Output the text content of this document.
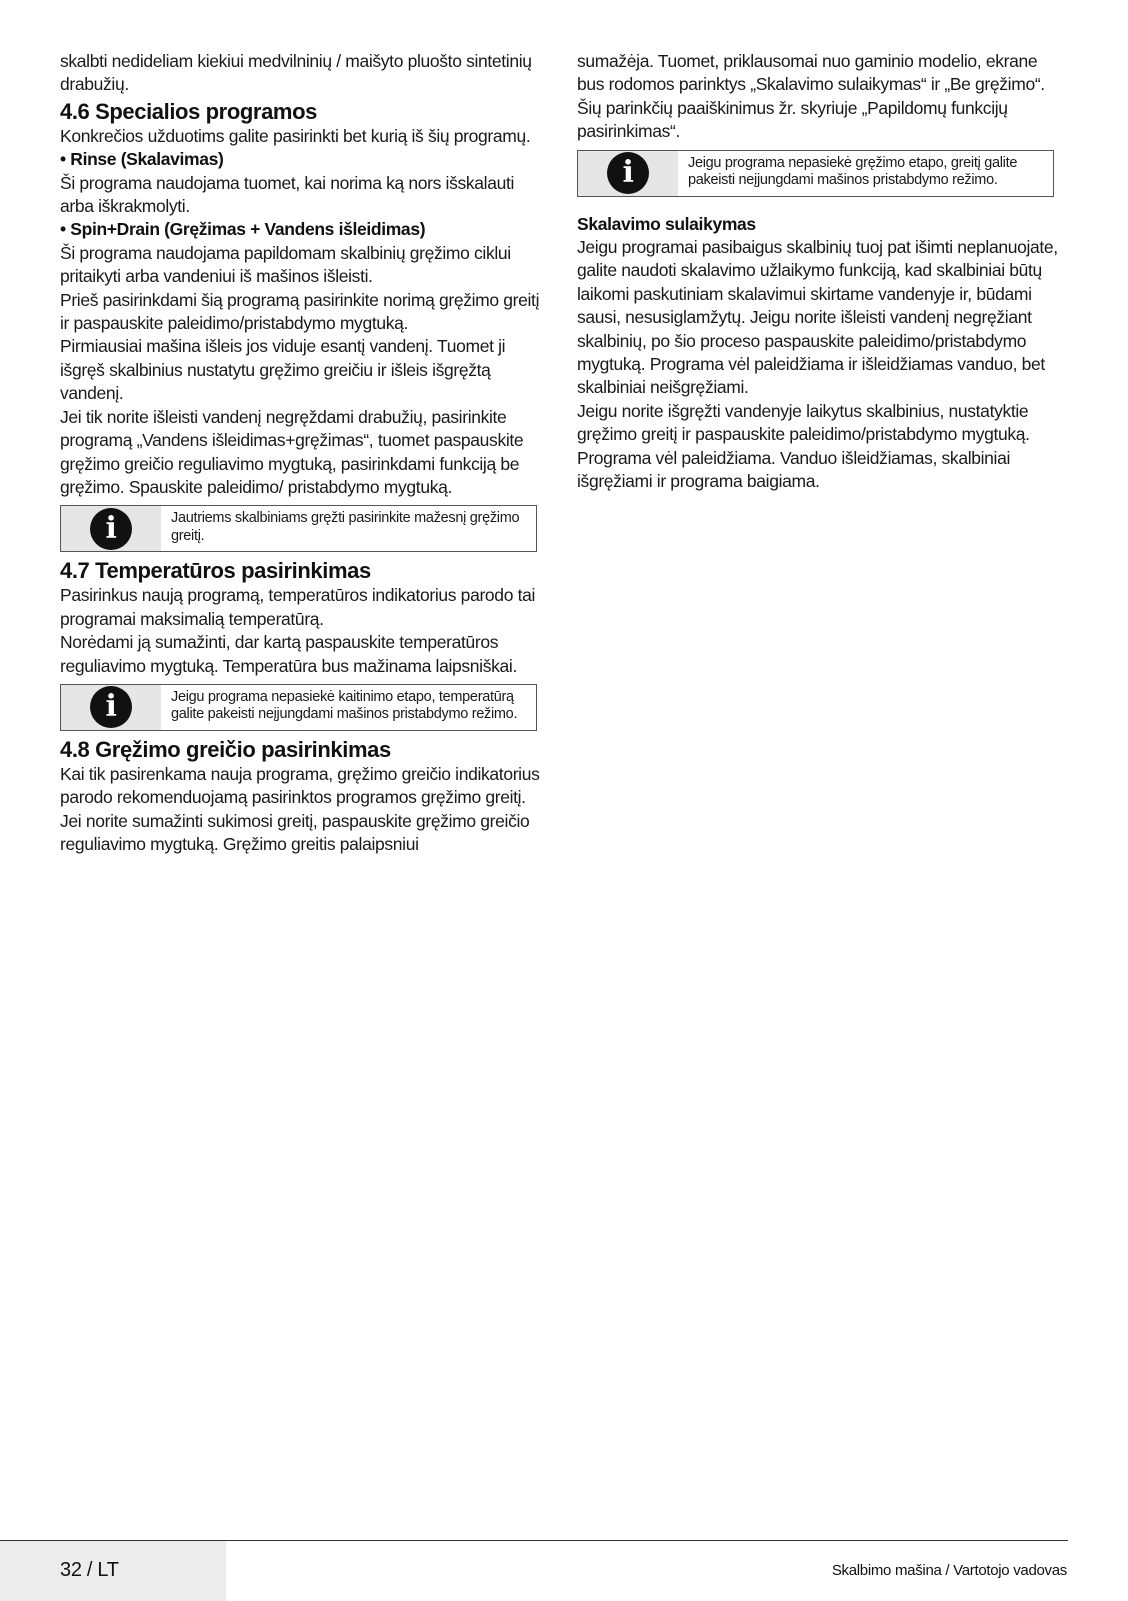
skalbti nedideliam kiekiui medvilninių / maišyto pluošto sintetinių drabužių.

4.6 Specialios programos

Konkrečios užduotims galite pasirinkti bet kurią iš šių programų.

• Rinse (Skalavimas)

Ši programa naudojama tuomet, kai norima ką nors išskalauti arba iškrakmolyti.

• Spin+Drain (Gręžimas + Vandens išleidimas)

Ši programa naudojama papildomam skalbinių gręžimo ciklui pritaikyti arba vandeniui iš mašinos išleisti.

Prieš pasirinkdami šią programą pasirinkite norimą gręžimo greitį ir paspauskite paleidimo/pristabdymo mygtuką.

Pirmiausiai mašina išleis jos viduje esantį vandenį. Tuomet ji išgręš skalbinius nustatytu gręžimo greičiu ir išleis išgręžtą vandenį.

Jei tik norite išleisti vandenį negręždami drabužių, pasirinkite programą „Vandens išleidimas+gręžimas“, tuomet paspauskite gręžimo greičio reguliavimo mygtuką, pasirinkdami funkciją be gręžimo. Spauskite paleidimo/ pristabdymo mygtuką.

i	Jautriems skalbiniams gręžti pasirinkite mažesnį gręžimo greitį.
4.7 Temperatūros pasirinkimas

Pasirinkus naują programą, temperatūros indikatorius parodo tai programai maksimalią temperatūrą.

Norėdami ją sumažinti, dar kartą paspauskite temperatūros reguliavimo mygtuką. Temperatūra bus mažinama laipsniškai.

i	Jeigu programa nepasiekė kaitinimo etapo, temperatūrą galite pakeisti neįjungdami mašinos pristabdymo režimo.
4.8 Gręžimo greičio pasirinkimas

Kai tik pasirenkama nauja programa, gręžimo greičio indikatorius parodo rekomenduojamą pasirinktos programos gręžimo greitį.

Jei norite sumažinti sukimosi greitį, paspauskite gręžimo greičio reguliavimo mygtuką. Gręžimo greitis palaipsniui

sumažėja. Tuomet, priklausomai nuo gaminio modelio, ekrane bus rodomos parinktys „Skalavimo sulaikymas“ ir „Be gręžimo“. Šių parinkčių paaiškinimus žr. skyriuje „Papildomų funkcijų pasirinkimas“.

i	Jeigu programa nepasiekė gręžimo etapo, greitį galite pakeisti neįjungdami mašinos pristabdymo režimo.
Skalavimo sulaikymas

Jeigu programai pasibaigus skalbinių tuoj pat išimti neplanuojate, galite naudoti skalavimo užlaikymo funkciją, kad skalbiniai būtų laikomi paskutiniam skalavimui skirtame vandenyje ir, būdami sausi, nesusiglamžytų. Jeigu norite išleisti vandenį negręžiant skalbinių, po šio proceso paspauskite paleidimo/pristabdymo mygtuką. Programa vėl paleidžiama ir išleidžiamas vanduo, bet skalbiniai neišgręžiami.

Jeigu norite išgręžti vandenyje laikytus skalbinius, nustatyktie gręžimo greitį ir paspauskite paleidimo/pristabdymo mygtuką.

Programa vėl paleidžiama. Vanduo išleidžiamas, skalbiniai išgręžiami ir programa baigiama.

32 / LT	Skalbimo mašina / Vartotojo vadovas
